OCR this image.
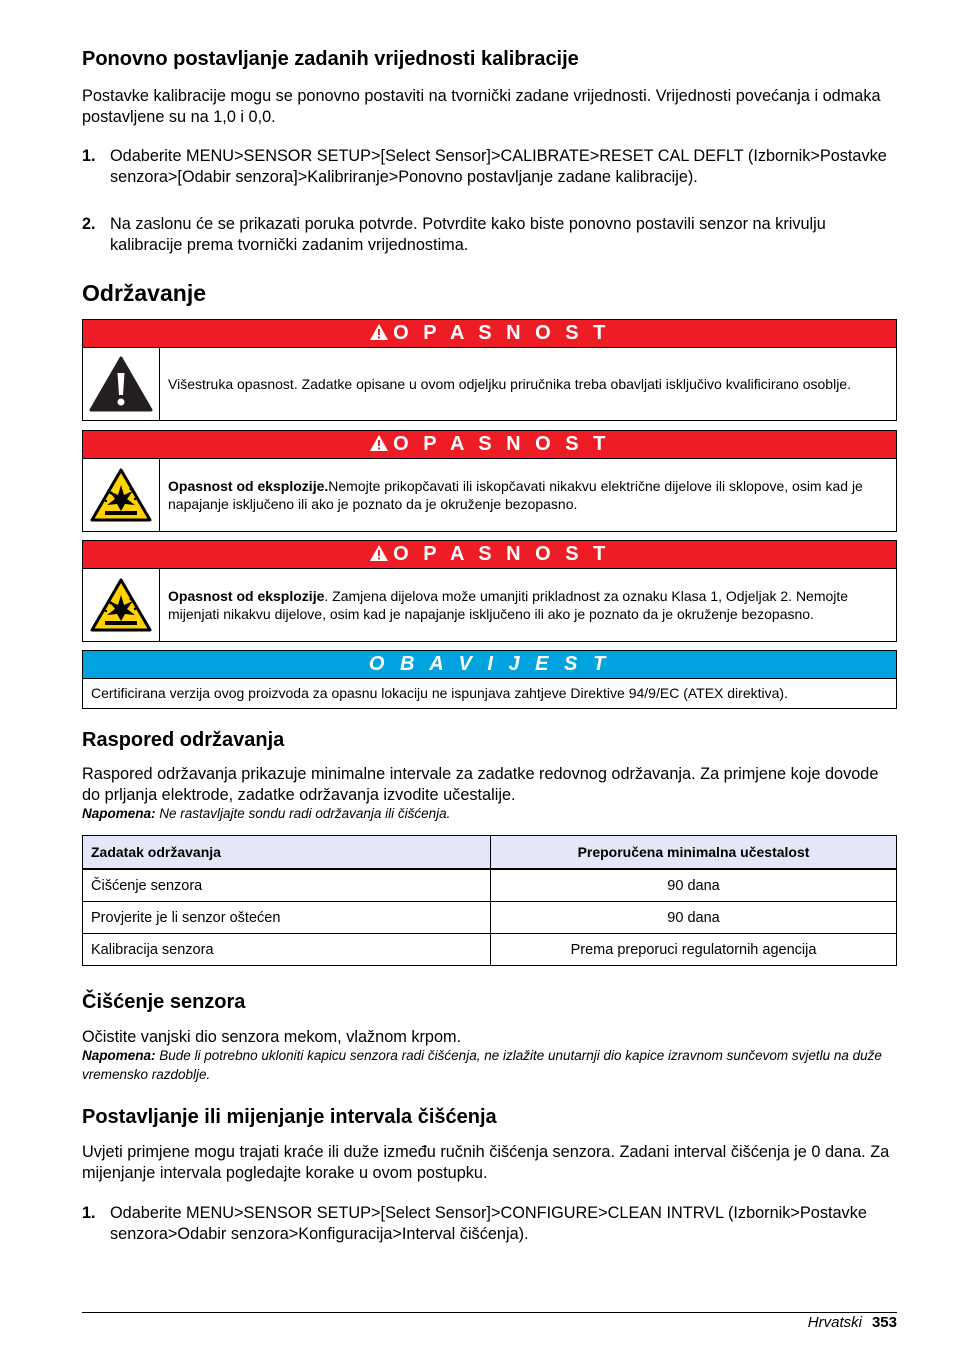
Ponovno postavljanje zadanih vrijednosti kalibracije
Postavke kalibracije mogu se ponovno postaviti na tvornički zadane vrijednosti. Vrijednosti povećanja i odmaka postavljene su na 1,0 i 0,0.
1. Odaberite MENU>SENSOR SETUP>[Select Sensor]>CALIBRATE>RESET CAL DEFLT (Izbornik>Postavke senzora>[Odabir senzora]>Kalibriranje>Ponovno postavljanje zadane kalibracije).
2. Na zaslonu će se prikazati poruka potvrde. Potvrdite kako biste ponovno postavili senzor na krivulju kalibracije prema tvornički zadanim vrijednostima.
Održavanje
O P A S N O S T
Višestruka opasnost. Zadatke opisane u ovom odjeljku priručnika treba obavljati isključivo kvalificirano osoblje.
O P A S N O S T
Opasnost od eksplozije.Nemojte prikopčavati ili iskopčavati nikakvu električne dijelove ili sklopove, osim kad je napajanje isključeno ili ako je poznato da je okruženje bezopasno.
O P A S N O S T
Opasnost od eksplozije. Zamjena dijelova može umanjiti prikladnost za oznaku Klasa 1, Odjeljak 2. Nemojte mijenjati nikakvu dijelove, osim kad je napajanje isključeno ili ako je poznato da je okruženje bezopasno.
O B A V I J E S T
Certificirana verzija ovog proizvoda za opasnu lokaciju ne ispunjava zahtjeve Direktive 94/9/EC (ATEX direktiva).
Raspored održavanja
Raspored održavanja prikazuje minimalne intervale za zadatke redovnog održavanja. Za primjene koje dovode do prljanja elektrode, zadatke održavanja izvodite učestalije.
Napomena: Ne rastavljajte sondu radi održavanja ili čišćenja.
Zadatak održavanja	Preporučena minimalna učestalost
Čišćenje senzora	90 dana
Provjerite je li senzor oštećen	90 dana
Kalibracija senzora	Prema preporuci regulatornih agencija
Čišćenje senzora
Očistite vanjski dio senzora mekom, vlažnom krpom.
Napomena: Bude li potrebno ukloniti kapicu senzora radi čišćenja, ne izlažite unutarnji dio kapice izravnom sunčevom svjetlu na duže vremensko razdoblje.
Postavljanje ili mijenjanje intervala čišćenja
Uvjeti primjene mogu trajati kraće ili duže između ručnih čišćenja senzora. Zadani interval čišćenja je 0 dana. Za mijenjanje intervala pogledajte korake u ovom postupku.
1. Odaberite MENU>SENSOR SETUP>[Select Sensor]>CONFIGURE>CLEAN INTRVL (Izbornik>Postavke senzora>Odabir senzora>Konfiguracija>Interval čišćenja).
Hrvatski 353
